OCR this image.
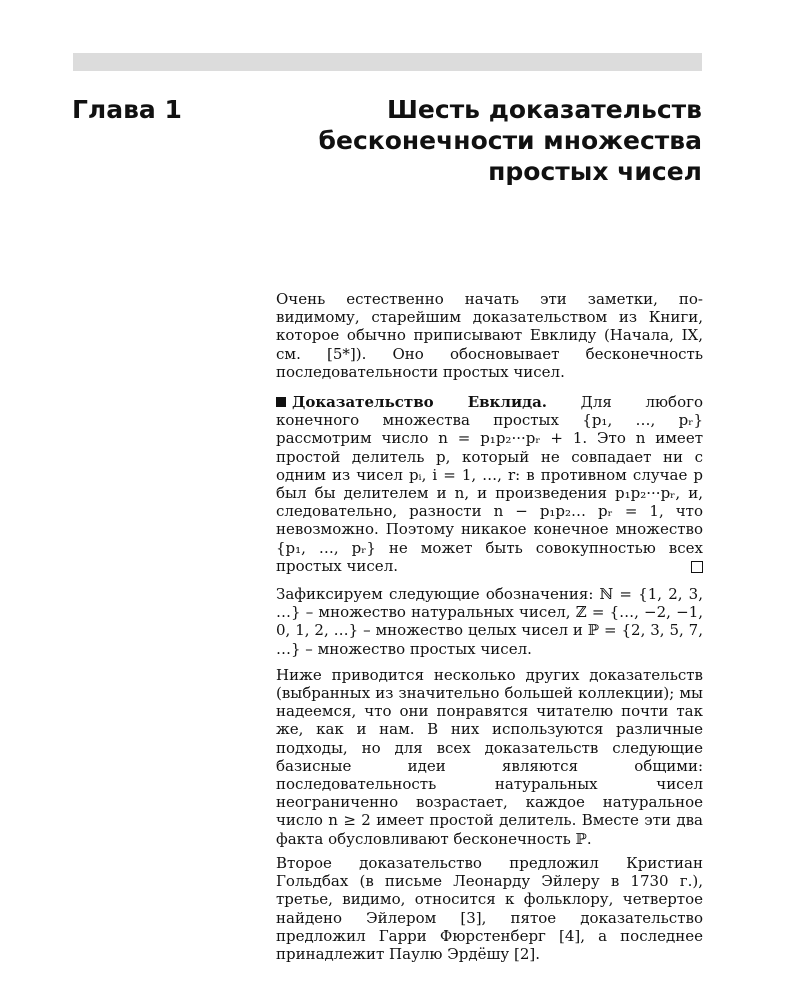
Глава 1	Шесть доказательств
бесконечности множества
простых чисел

Очень естественно начать эти заметки, по-видимому, старейшим доказательством из Книги, которое обычно приписывают Евклиду (Начала, IX, см. [5*]). Оно обосновывает бесконечность последовательности простых чисел.

Доказательство Евклида. Для любого конечного множества простых {p₁, …, pᵣ} рассмотрим число n = p₁p₂···pᵣ + 1. Это n имеет простой делитель p, который не совпадает ни с одним из чисел pᵢ, i = 1, …, r: в противном случае p был бы делителем и n, и произведения p₁p₂···pᵣ, и, следовательно, разности n − p₁p₂… pᵣ = 1, что невозможно. Поэтому никакое конечное множество {p₁, …, pᵣ} не может быть совокупностью всех простых чисел.

Зафиксируем следующие обозначения: ℕ = {1, 2, 3, …} – множество натуральных чисел, ℤ = {…, −2, −1, 0, 1, 2, …} – множество целых чисел и ℙ = {2, 3, 5, 7, …} – множество простых чисел.

Ниже приводится несколько других доказательств (выбранных из значительно большей коллекции); мы надеемся, что они понравятся читателю почти так же, как и нам. В них используются различные подходы, но для всех доказательств следующие базисные идеи являются общими: последовательность натуральных чисел неограниченно возрастает, каждое натуральное число n ≥ 2 имеет простой делитель. Вместе эти два факта обусловливают бесконечность ℙ.

Второе доказательство предложил Кристиан Гольдбах (в письме Леонарду Эйлеру в 1730 г.), третье, видимо, относится к фольклору, четвертое найдено Эйлером [3], пятое доказательство предложил Гарри Фюрстенберг [4], а последнее принадлежит Паулю Эрдёшу [2].
